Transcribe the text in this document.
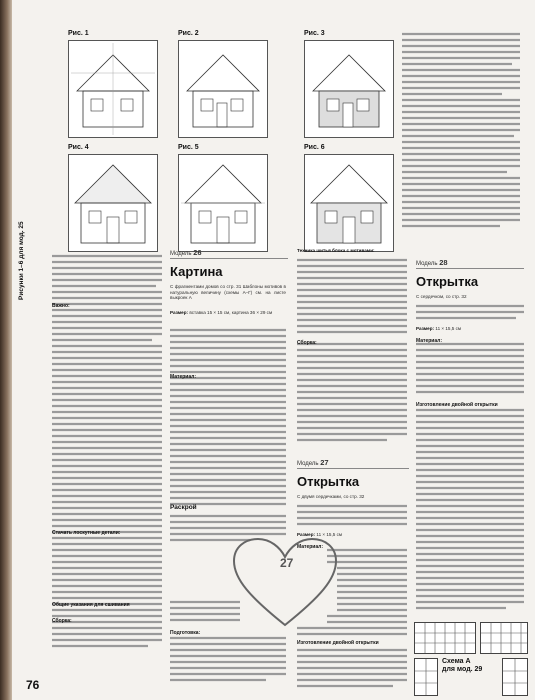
Рисунки 1–6 для мод. 25
Рис. 1	Рис. 2	Рис. 3
Рис. 4	Рис. 5	Рис. 6
Важно:
Стачать лоскутные детали:
Общие указания для сшивания
Сборка:
Модель 26
Картина
С фрагментами домов со стр. 31 Шаблоны мотивов в натуральную величину (схемы А–Г) см. на листе выкроек А
Размер: вставка 15 × 15 см, картина 36 × 29 см
Материал:
Раскрой
Подготовка:
Техника шитья блока с мотивами:
Сборка:
Модель 27
Открытка
С двумя сердечками, со стр. 32
Размер: 11 × 15,5 см
Материал:
Изготовление двойной открытки
27
Модель 28
Открытка
С сердечком, со стр. 32
Размер: 11 × 15,5 см
Материал:
Изготовление двойной открытки
Схема А
для мод. 29
76
